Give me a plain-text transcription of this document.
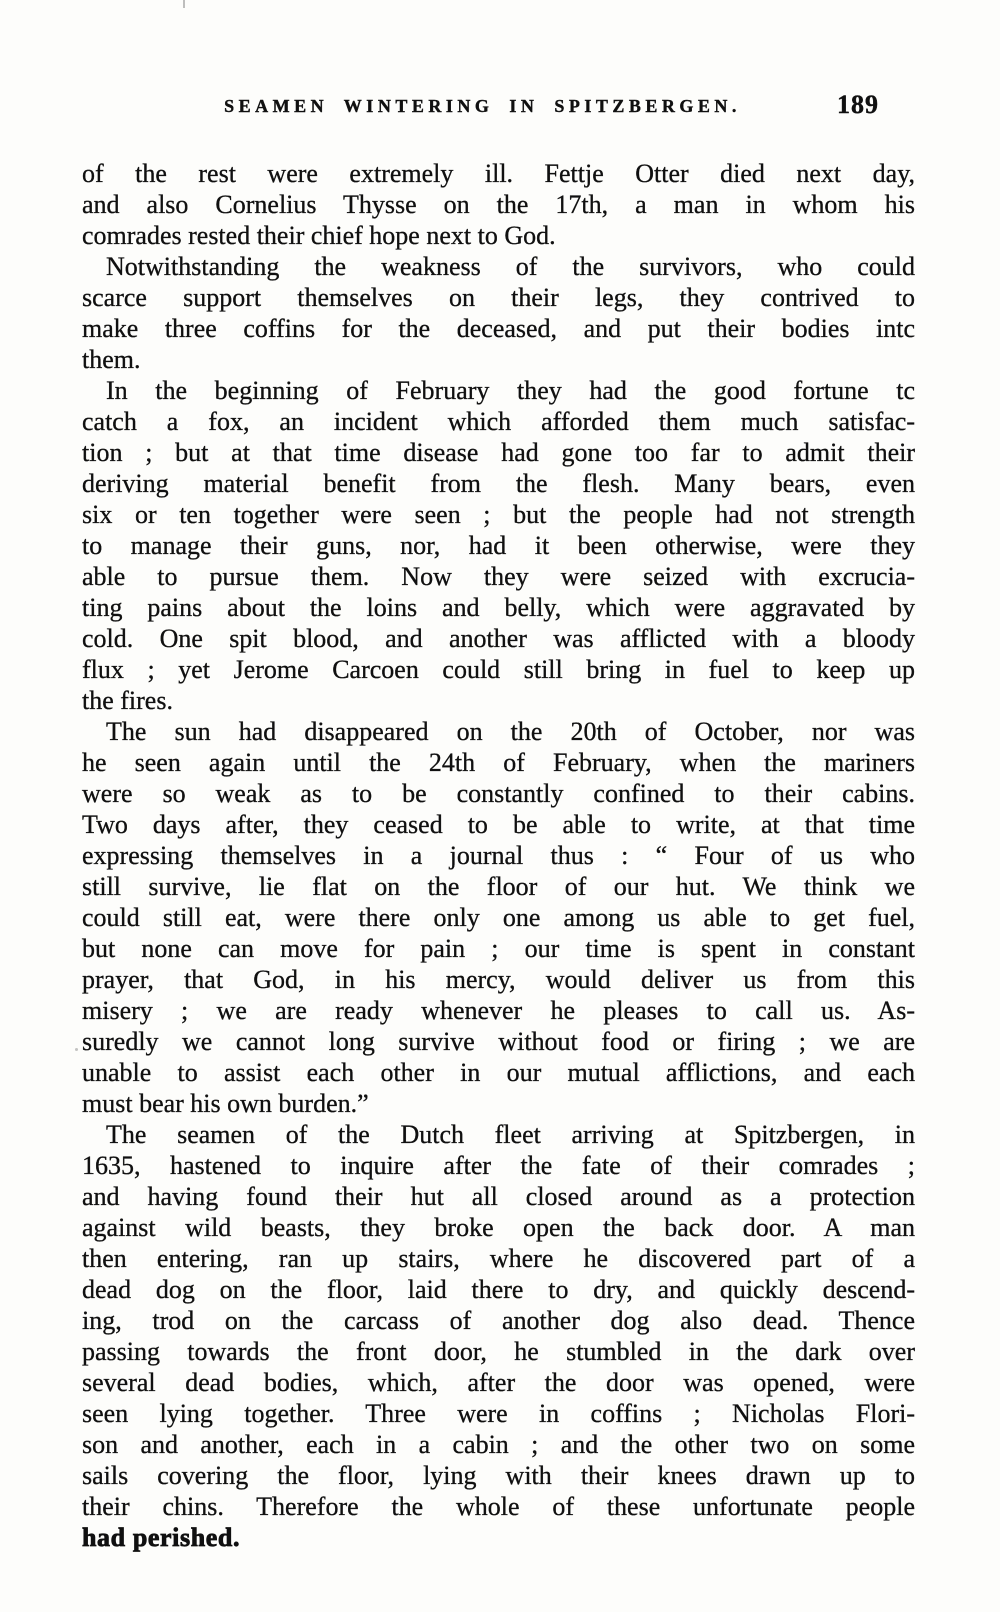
SEAMEN WINTERING IN SPITZBERGEN.	189
of the rest were extremely ill. Fettje Otter died next day,
and also Cornelius Thysse on the 17th, a man in whom his
comrades rested their chief hope next to God.
Notwithstanding the weakness of the survivors, who could
scarce support themselves on their legs, they contrived to
make three coffins for the deceased, and put their bodies intc
them.
In the beginning of February they had the good fortune tc
catch a fox, an incident which afforded them much satisfac-
tion ; but at that time disease had gone too far to admit their
deriving material benefit from the flesh. Many bears, even
six or ten together were seen ; but the people had not strength
to manage their guns, nor, had it been otherwise, were they
able to pursue them. Now they were seized with excrucia-
ting pains about the loins and belly, which were aggravated by
cold. One spit blood, and another was afflicted with a bloody
flux ; yet Jerome Carcoen could still bring in fuel to keep up
the fires.
The sun had disappeared on the 20th of October, nor was
he seen again until the 24th of February, when the mariners
were so weak as to be constantly confined to their cabins.
Two days after, they ceased to be able to write, at that time
expressing themselves in a journal thus : “ Four of us who
still survive, lie flat on the floor of our hut. We think we
could still eat, were there only one among us able to get fuel,
but none can move for pain ; our time is spent in constant
prayer, that God, in his mercy, would deliver us from this
misery ; we are ready whenever he pleases to call us. As-
suredly we cannot long survive without food or firing ; we are
unable to assist each other in our mutual afflictions, and each
must bear his own burden.”
The seamen of the Dutch fleet arriving at Spitzbergen, in
1635, hastened to inquire after the fate of their comrades ;
and having found their hut all closed around as a protection
against wild beasts, they broke open the back door. A man
then entering, ran up stairs, where he discovered part of a
dead dog on the floor, laid there to dry, and quickly descend-
ing, trod on the carcass of another dog also dead. Thence
passing towards the front door, he stumbled in the dark over
several dead bodies, which, after the door was opened, were
seen lying together. Three were in coffins ; Nicholas Flori-
son and another, each in a cabin ; and the other two on some
sails covering the floor, lying with their knees drawn up to
their chins. Therefore the whole of these unfortunate people
had perished.
